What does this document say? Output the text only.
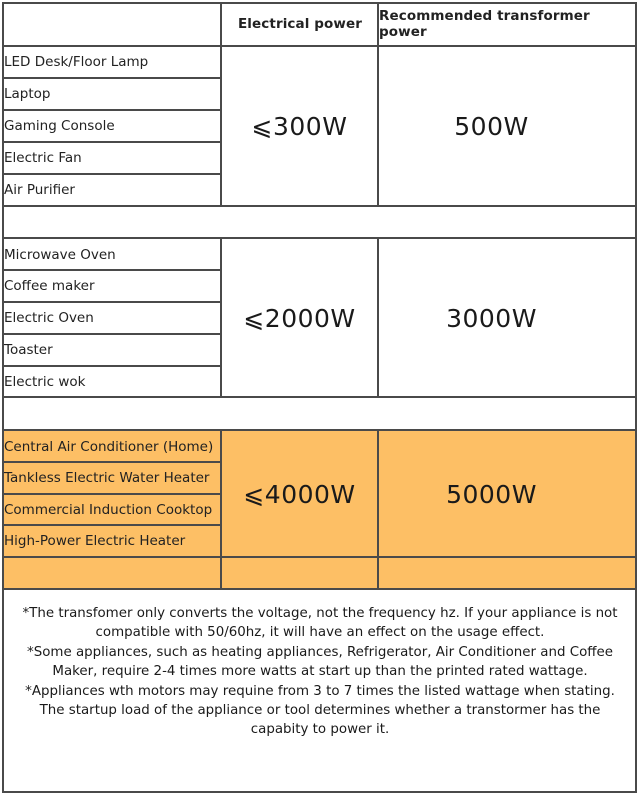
Electrical power	Recommended transformer power
LED Desk/Floor Lamp
Laptop
Gaming Console
Electric Fan
Air Purifier
⩽300W	500W
Microwave Oven
Coffee maker
Electric Oven
Toaster
Electric wok
⩽2000W	3000W
Central Air Conditioner (Home)
Tankless Electric Water Heater
Commercial Induction Cooktop
High-Power Electric Heater
⩽4000W	5000W

*The transfomer only converts the voltage, not the frequency hz. If your appliance is not compatible with 50/60hz, it will have an effect on the usage effect.

*Some appliances, such as heating appliances, Refrigerator, Air Conditioner and Coffee Maker, require 2-4 times more watts at start up than the printed rated wattage.

*Appliances wth motors may requine from 3 to 7 times the listed wattage when stating. The startup load of the appliance or tool determines whether a transtormer has the capabity to power it.
